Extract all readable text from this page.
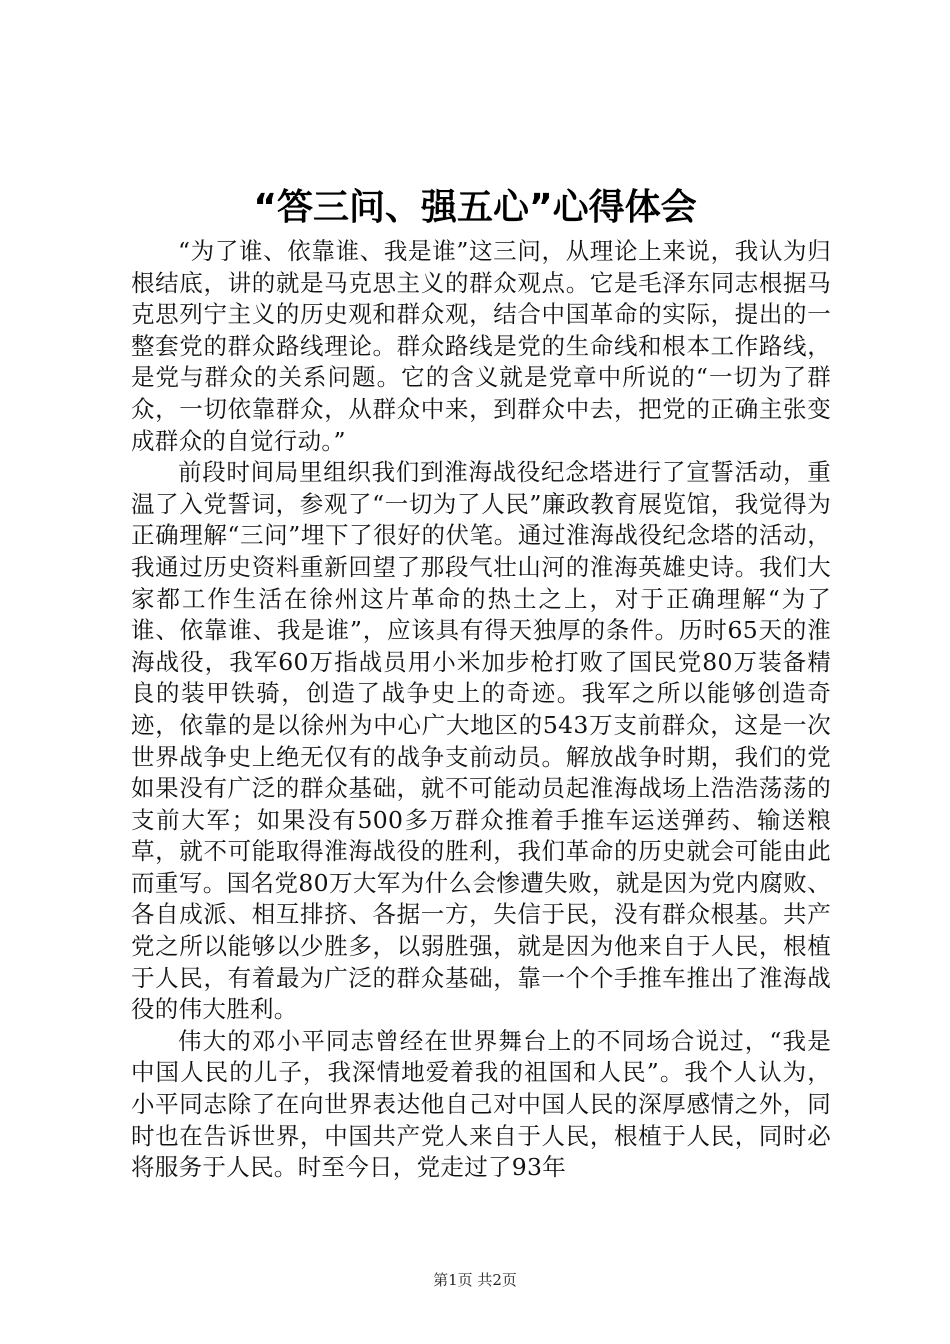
“答三问、强五心”心得体会

“为了谁、依靠谁、我是谁”这三问，从理论上来说，我认为归根结底，讲的就是马克思主义的群众观点。它是毛泽东同志根据马克思列宁主义的历史观和群众观，结合中国革命的实际，提出的一整套党的群众路线理论。群众路线是党的生命线和根本工作路线，是党与群众的关系问题。它的含义就是党章中所说的“一切为了群众，一切依靠群众，从群众中来，到群众中去，把党的正确主张变成群众的自觉行动。”

前段时间局里组织我们到淮海战役纪念塔进行了宣誓活动，重温了入党誓词，参观了“一切为了人民”廉政教育展览馆，我觉得为正确理解“三问”埋下了很好的伏笔。通过淮海战役纪念塔的活动，我通过历史资料重新回望了那段气壮山河的淮海英雄史诗。我们大家都工作生活在徐州这片革命的热土之上，对于正确理解“为了谁、依靠谁、我是谁”，应该具有得天独厚的条件。历时65天的淮海战役，我军60万指战员用小米加步枪打败了国民党80万装备精良的装甲铁骑，创造了战争史上的奇迹。我军之所以能够创造奇迹，依靠的是以徐州为中心广大地区的543万支前群众，这是一次世界战争史上绝无仅有的战争支前动员。解放战争时期，我们的党如果没有广泛的群众基础，就不可能动员起淮海战场上浩浩荡荡的支前大军；如果没有500多万群众推着手推车运送弹药、输送粮草，就不可能取得淮海战役的胜利，我们革命的历史就会可能由此而重写。国名党80万大军为什么会惨遭失败，就是因为党内腐败、各自成派、相互排挤、各据一方，失信于民，没有群众根基。共产党之所以能够以少胜多，以弱胜强，就是因为他来自于人民，根植于人民，有着最为广泛的群众基础，靠一个个手推车推出了淮海战役的伟大胜利。

伟大的邓小平同志曾经在世界舞台上的不同场合说过，“我是中国人民的儿子，我深情地爱着我的祖国和人民”。我个人认为，小平同志除了在向世界表达他自己对中国人民的深厚感情之外，同时也在告诉世界，中国共产党人来自于人民，根植于人民，同时必将服务于人民。时至今日，党走过了93年

第1页 共2页
